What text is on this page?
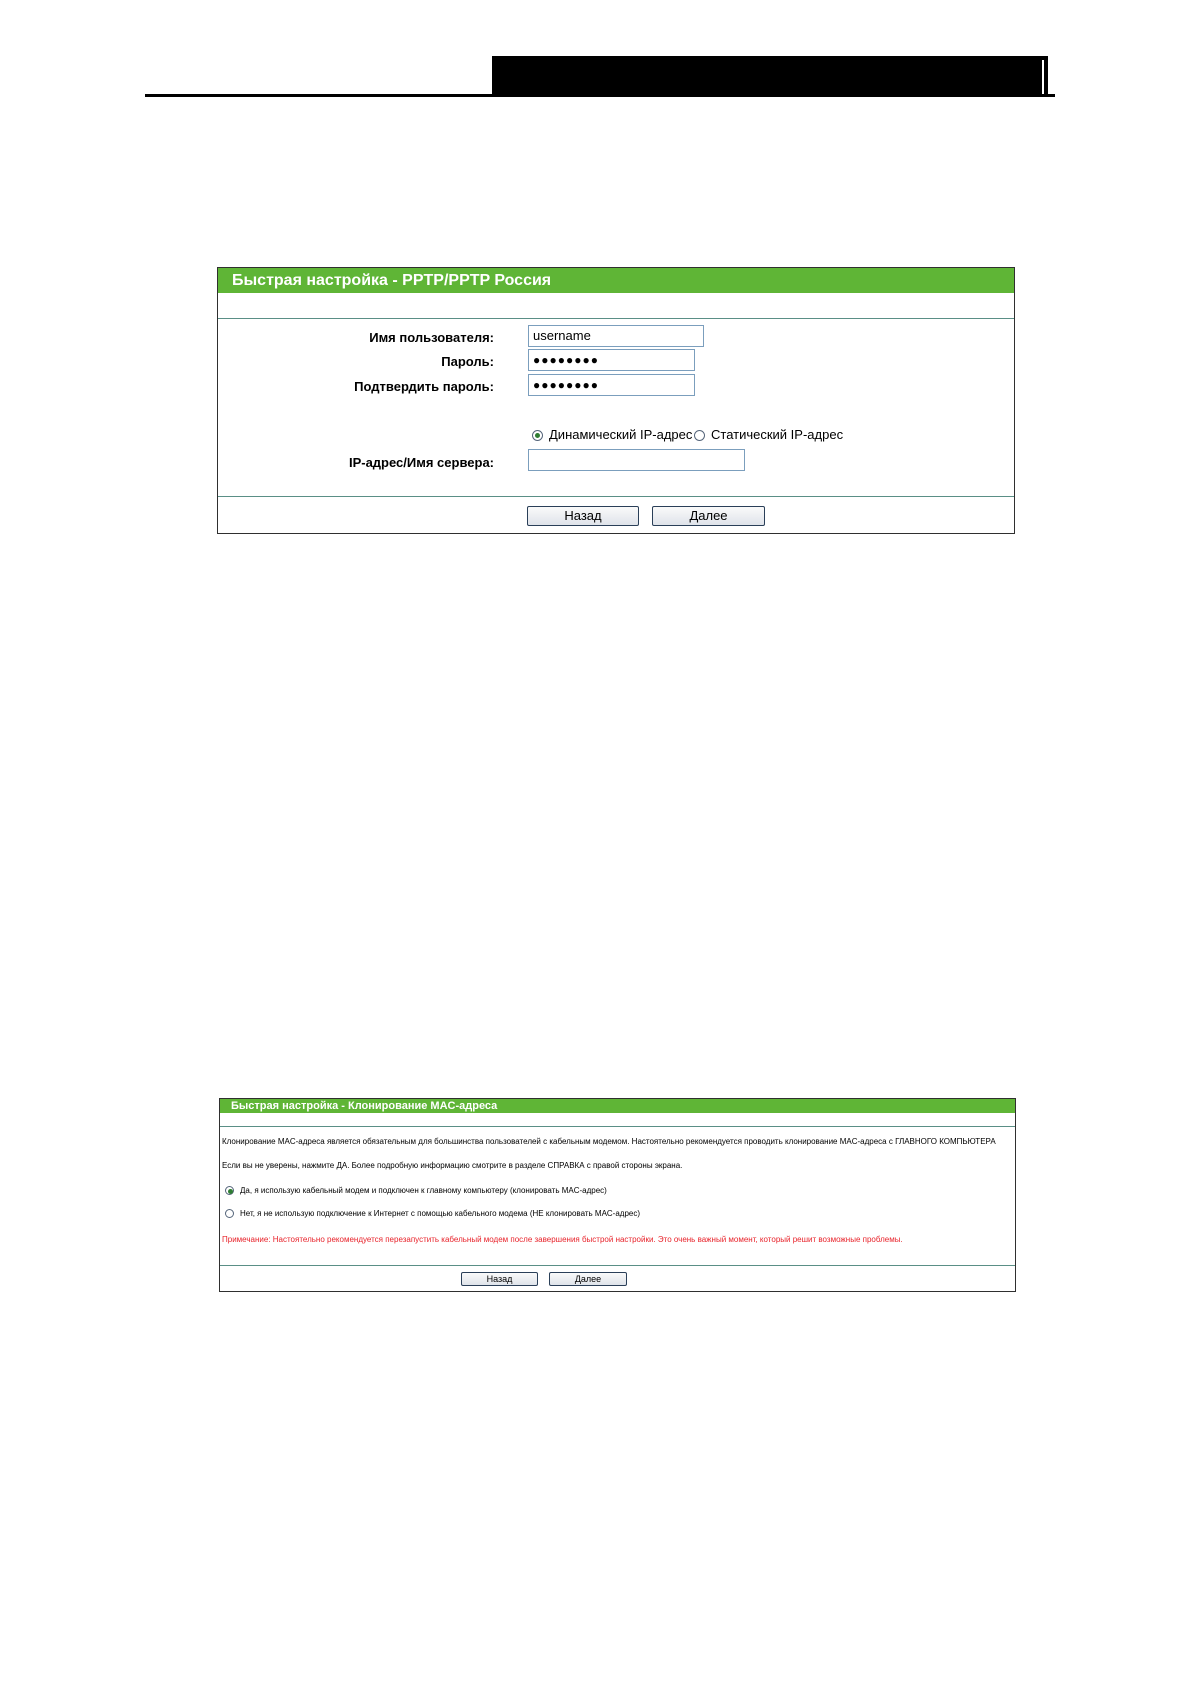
Быстрая настройка - PPTP/PPTP Россия
Имя пользователя:	username
Пароль:	●●●●●●●●
Подтвердить пароль:	●●●●●●●●
Динамический IP-адрес Статический IP-адрес
IP-адрес/Имя сервера:
Назад	Далее
Быстрая настройка - Клонирование MAC-адреса
Клонирование MAC-адреса является обязательным для большинства пользователей с кабельным модемом. Настоятельно рекомендуется проводить клонирование MAC-адреса с ГЛАВНОГО КОМПЬЮТЕРА
Если вы не уверены, нажмите ДА. Более подробную информацию смотрите в разделе СПРАВКА с правой стороны экрана.
Да, я использую кабельный модем и подключен к главному компьютеру (клонировать MAC-адрес)
Нет, я не использую подключение к Интернет с помощью кабельного модема (НЕ клонировать MAC-адрес)
Примечание: Настоятельно рекомендуется перезапустить кабельный модем после завершения быстрой настройки. Это очень важный момент, который решит возможные проблемы.
Назад	Далее
